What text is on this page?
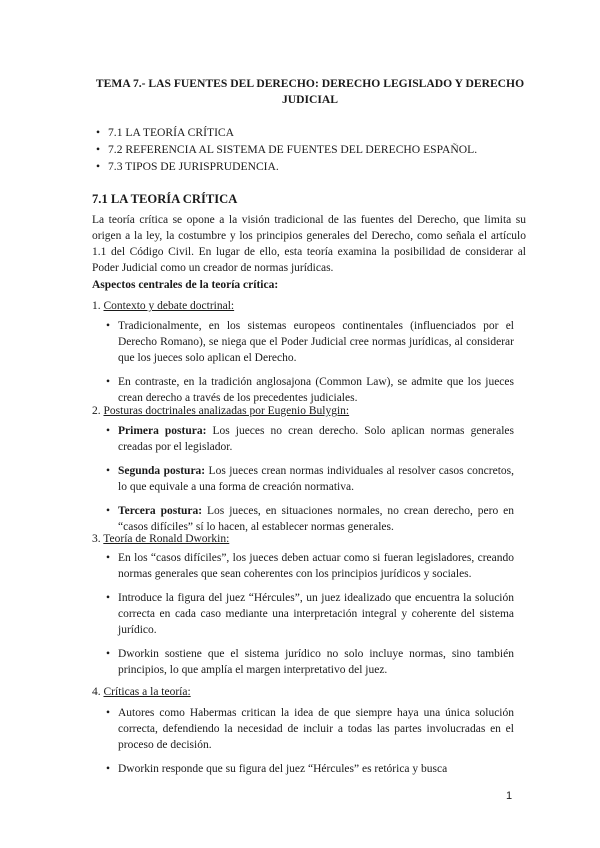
TEMA 7.- LAS FUENTES DEL DERECHO: DERECHO LEGISLADO Y DERECHO JUDICIAL
• 7.1 LA TEORÍA CRÍTICA
• 7.2 REFERENCIA AL SISTEMA DE FUENTES DEL DERECHO ESPAÑOL.
• 7.3 TIPOS DE JURISPRUDENCIA.
7.1 LA TEORÍA CRÍTICA

La teoría crítica se opone a la visión tradicional de las fuentes del Derecho, que limita su origen a la ley, la costumbre y los principios generales del Derecho, como señala el artículo 1.1 del Código Civil. En lugar de ello, esta teoría examina la posibilidad de considerar al Poder Judicial como un creador de normas jurídicas.

Aspectos centrales de la teoría crítica:
1. Contexto y debate doctrinal:
• Tradicionalmente, en los sistemas europeos continentales (influenciados por el Derecho Romano), se niega que el Poder Judicial cree normas jurídicas, al considerar que los jueces solo aplican el Derecho.
• En contraste, en la tradición anglosajona (Common Law), se admite que los jueces crean derecho a través de los precedentes judiciales.
2. Posturas doctrinales analizadas por Eugenio Bulygin:
• Primera postura: Los jueces no crean derecho. Solo aplican normas generales creadas por el legislador.
• Segunda postura: Los jueces crean normas individuales al resolver casos concretos, lo que equivale a una forma de creación normativa.
• Tercera postura: Los jueces, en situaciones normales, no crean derecho, pero en “casos difíciles” sí lo hacen, al establecer normas generales.
3. Teoría de Ronald Dworkin:
• En los “casos difíciles”, los jueces deben actuar como si fueran legisladores, creando normas generales que sean coherentes con los principios jurídicos y sociales.
• Introduce la figura del juez “Hércules”, un juez idealizado que encuentra la solución correcta en cada caso mediante una interpretación integral y coherente del sistema jurídico.
• Dworkin sostiene que el sistema jurídico no solo incluye normas, sino también principios, lo que amplía el margen interpretativo del juez.
4. Críticas a la teoría:
• Autores como Habermas critican la idea de que siempre haya una única solución correcta, defendiendo la necesidad de incluir a todas las partes involucradas en el proceso de decisión.
• Dworkin responde que su figura del juez “Hércules” es retórica y busca
1
